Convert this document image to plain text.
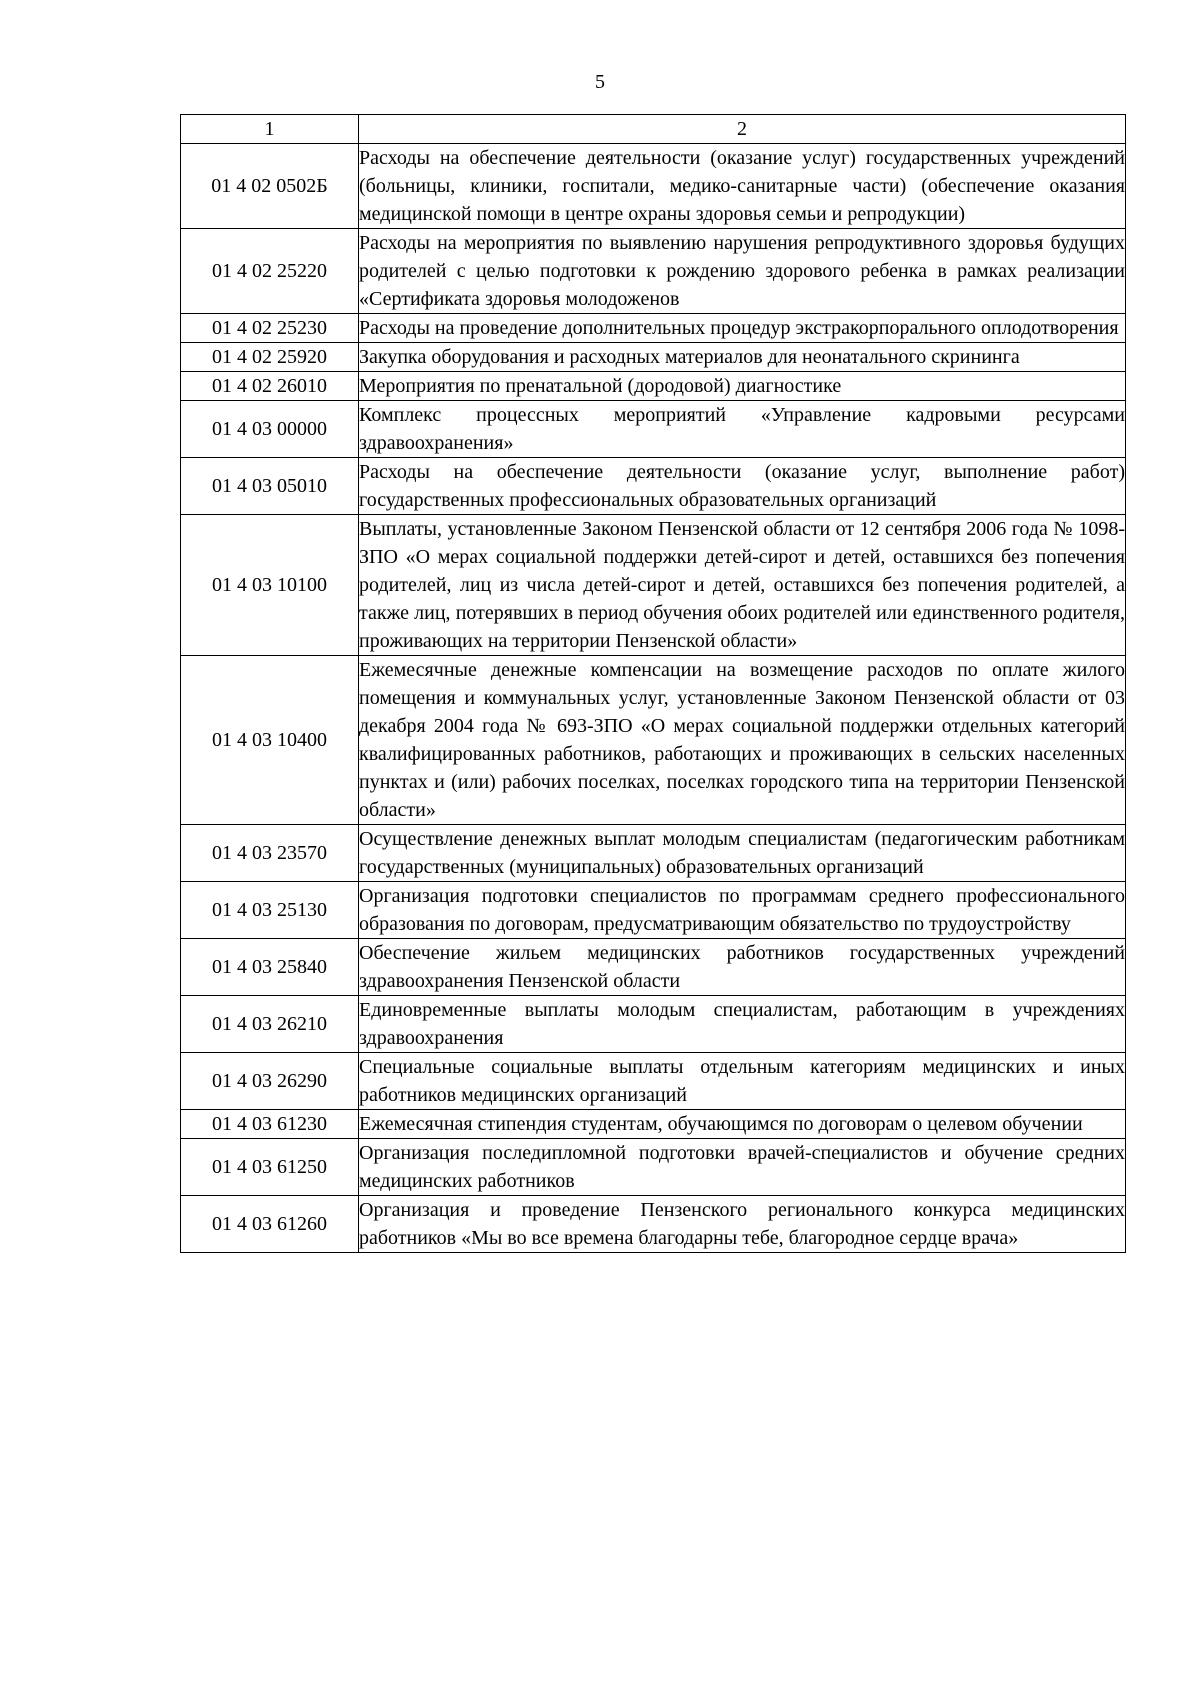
5
1	2
01 4 02 0502Б	Расходы на обеспечение деятельности (оказание услуг) государственных учреждений (больницы, клиники, госпитали, медико-санитарные части) (обеспечение оказания медицинской помощи в центре охраны здоровья семьи и репродукции)
01 4 02 25220	Расходы на мероприятия по выявлению нарушения репродуктивного здоровья будущих родителей с целью подготовки к рождению здорового ребенка в рамках реализации «Сертификата здоровья молодоженов
01 4 02 25230	Расходы на проведение дополнительных процедур экстракорпорального оплодотворения
01 4 02 25920	Закупка оборудования и расходных материалов для неонатального скрининга
01 4 02 26010	Мероприятия по пренатальной (дородовой) диагностике
01 4 03 00000	Комплекс процессных мероприятий «Управление кадровыми ресурсами здравоохранения»
01 4 03 05010	Расходы на обеспечение деятельности (оказание услуг, выполнение работ) государственных профессиональных образовательных организаций
01 4 03 10100	Выплаты, установленные Законом Пензенской области от 12 сентября 2006 года № 1098-ЗПО «О мерах социальной поддержки детей-сирот и детей, оставшихся без попечения родителей, лиц из числа детей-сирот и детей, оставшихся без попечения родителей, а также лиц, потерявших в период обучения обоих родителей или единственного родителя, проживающих на территории Пензенской области»
01 4 03 10400	Ежемесячные денежные компенсации на возмещение расходов по оплате жилого помещения и коммунальных услуг, установленные Законом Пензенской области от 03 декабря 2004 года № 693-ЗПО «О мерах социальной поддержки отдельных категорий квалифицированных работников, работающих и проживающих в сельских населенных пунктах и (или) рабочих поселках, поселках городского типа на территории Пензенской области»
01 4 03 23570	Осуществление денежных выплат молодым специалистам (педагогическим работникам государственных (муниципальных) образовательных организаций
01 4 03 25130	Организация подготовки специалистов по программам среднего профессионального образования по договорам, предусматривающим обязательство по трудоустройству
01 4 03 25840	Обеспечение жильем медицинских работников государственных учреждений здравоохранения Пензенской области
01 4 03 26210	Единовременные выплаты молодым специалистам, работающим в учреждениях здравоохранения
01 4 03 26290	Специальные социальные выплаты отдельным категориям медицинских и иных работников медицинских организаций
01 4 03 61230	Ежемесячная стипендия студентам, обучающимся по договорам о целевом обучении
01 4 03 61250	Организация последипломной подготовки врачей-специалистов и обучение средних медицинских работников
01 4 03 61260	Организация и проведение Пензенского регионального конкурса медицинских работников «Мы во все времена благодарны тебе, благородное сердце врача»
